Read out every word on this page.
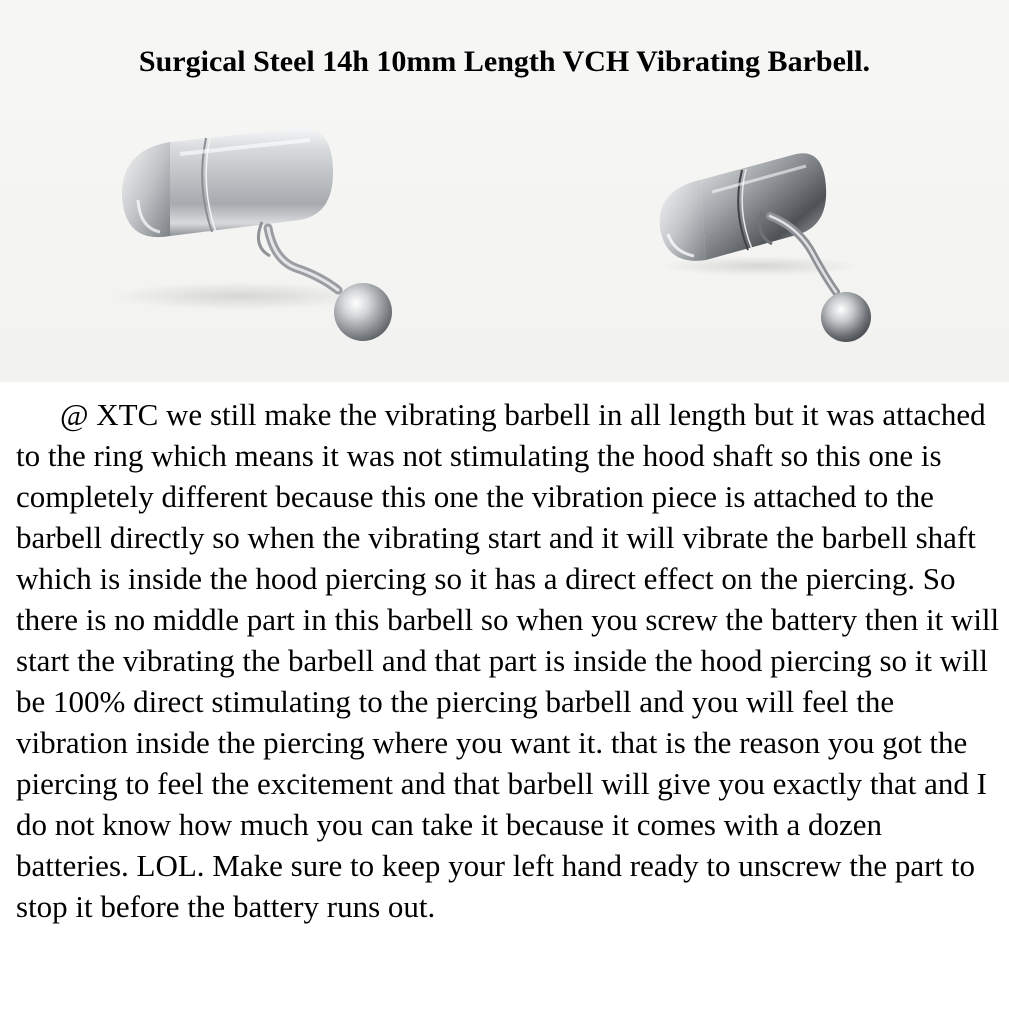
Surgical Steel 14h 10mm Length VCH Vibrating Barbell.

@ XTC we still make the vibrating barbell in all length but it was attached to the ring which means it was not stimulating the hood shaft so this one is completely different because this one the vibration piece is attached to the barbell directly so when the vibrating start and it will vibrate the barbell shaft which is inside the hood piercing so it has a direct effect on the piercing. So there is no middle part in this barbell so when you screw the battery then it will start the vibrating the barbell and that part is inside the hood piercing so it will be 100% direct stimulating to the piercing barbell and you will feel the vibration inside the piercing where you want it. that is the reason you got the piercing to feel the excitement and that barbell will give you exactly that and I do not know how much you can take it because it comes with a dozen batteries. LOL. Make sure to keep your left hand ready to unscrew the part to stop it before the battery runs out.
